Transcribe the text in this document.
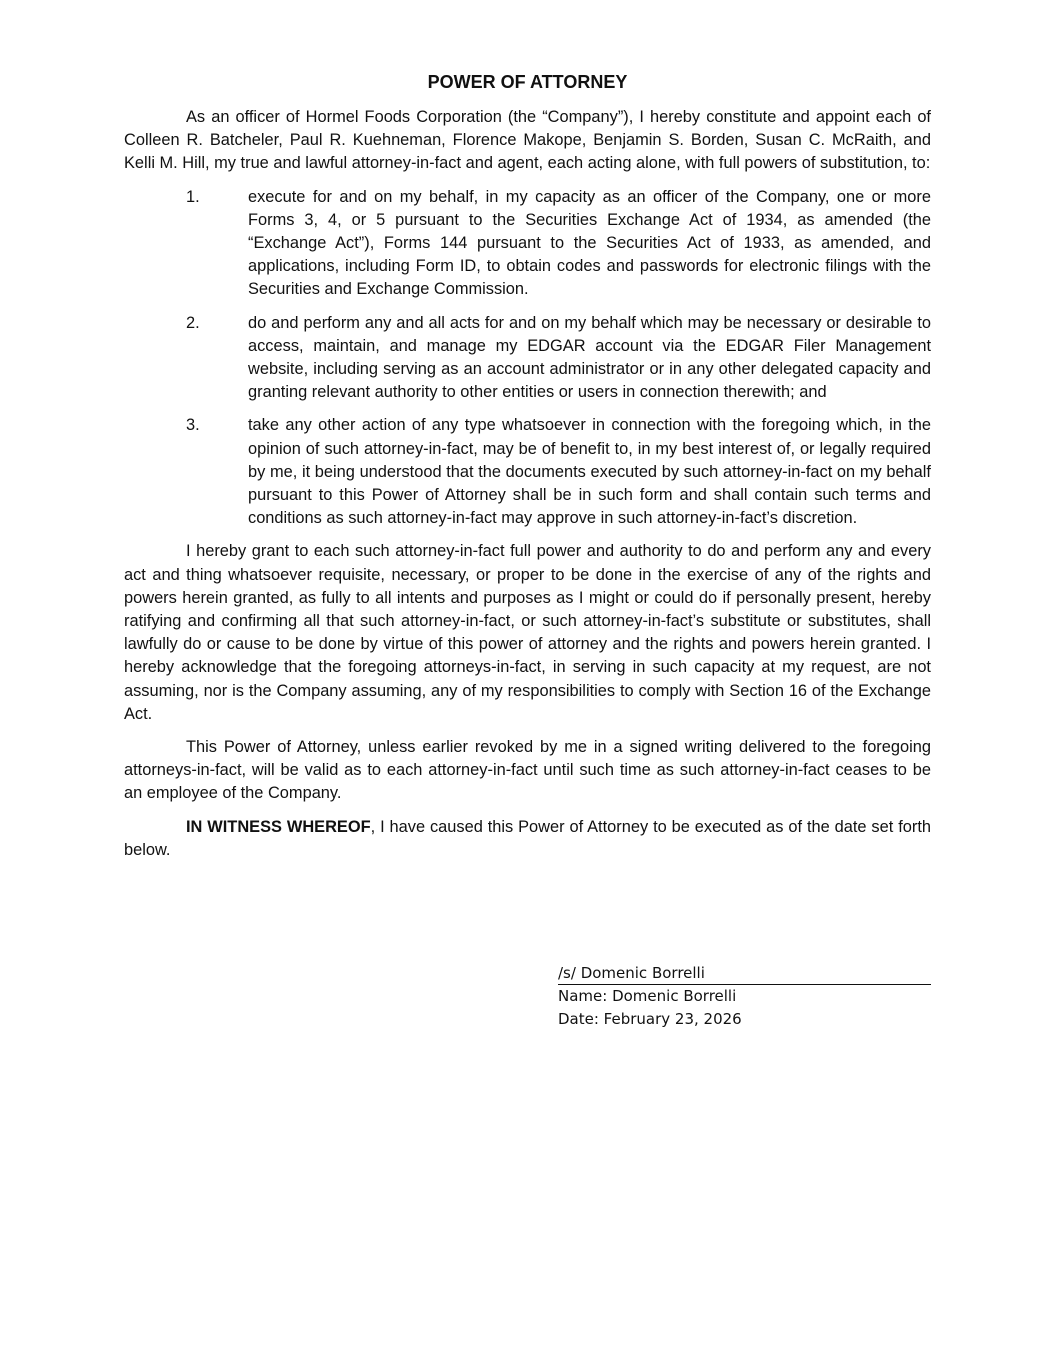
POWER OF ATTORNEY

As an officer of Hormel Foods Corporation (the “Company”), I hereby constitute and appoint each of Colleen R. Batcheler, Paul R. Kuehneman, Florence Makope, Benjamin S. Borden, Susan C. McRaith, and Kelli M. Hill, my true and lawful attorney-in-fact and agent, each acting alone, with full powers of substitution, to:

1.	execute for and on my behalf, in my capacity as an officer of the Company, one or more Forms 3, 4, or 5 pursuant to the Securities Exchange Act of 1934, as amended (the “Exchange Act”), Forms 144 pursuant to the Securities Act of 1933, as amended, and applications, including Form ID, to obtain codes and passwords for electronic filings with the Securities and Exchange Commission.
2.	do and perform any and all acts for and on my behalf which may be necessary or desirable to access, maintain, and manage my EDGAR account via the EDGAR Filer Management website, including serving as an account administrator or in any other delegated capacity and granting relevant authority to other entities or users in connection therewith; and
3.	take any other action of any type whatsoever in connection with the foregoing which, in the opinion of such attorney-in-fact, may be of benefit to, in my best interest of, or legally required by me, it being understood that the documents executed by such attorney-in-fact on my behalf pursuant to this Power of Attorney shall be in such form and shall contain such terms and conditions as such attorney-in-fact may approve in such attorney-in-fact’s discretion.

I hereby grant to each such attorney-in-fact full power and authority to do and perform any and every act and thing whatsoever requisite, necessary, or proper to be done in the exercise of any of the rights and powers herein granted, as fully to all intents and purposes as I might or could do if personally present, hereby ratifying and confirming all that such attorney-in-fact, or such attorney-in-fact’s substitute or substitutes, shall lawfully do or cause to be done by virtue of this power of attorney and the rights and powers herein granted. I hereby acknowledge that the foregoing attorneys-in-fact, in serving in such capacity at my request, are not assuming, nor is the Company assuming, any of my responsibilities to comply with Section 16 of the Exchange Act.

This Power of Attorney, unless earlier revoked by me in a signed writing delivered to the foregoing attorneys-in-fact, will be valid as to each attorney-in-fact until such time as such attorney-in-fact ceases to be an employee of the Company.

IN WITNESS WHEREOF, I have caused this Power of Attorney to be executed as of the date set forth below.

/s/ Domenic Borrelli
Name: Domenic Borrelli
Date: February 23, 2026
